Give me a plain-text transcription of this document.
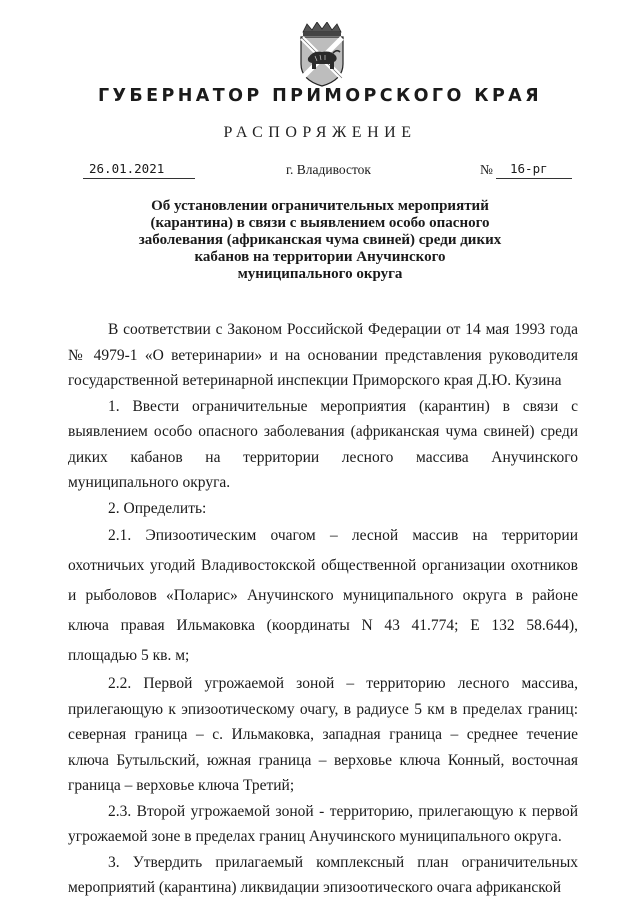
ГУБЕРНАТОР ПРИМОРСКОГО КРАЯ
РАСПОРЯЖЕНИЕ
26.01.2021	г. Владивосток	№	16-рг
Об установлении ограничительных мероприятий
(карантина) в связи с выявлением особо опасного
заболевания (африканская чума свиней) среди диких
кабанов на территории Анучинского
муниципального округа

В соответствии с Законом Российской Федерации от 14 мая 1993 года № 4979-1 «О ветеринарии» и на основании представления руководителя государственной ветеринарной инспекции Приморского края Д.Ю. Кузина

1. Ввести ограничительные мероприятия (карантин) в связи с выявлением особо опасного заболевания (африканская чума свиней) среди диких кабанов на территории лесного массива Анучинского муниципального округа.

2. Определить:

2.1. Эпизоотическим очагом – лесной массив на территории охотничьих угодий Владивостокской общественной организации охотников и рыболовов «Поларис» Анучинского муниципального округа в районе ключа правая Ильмаковка (координаты N 43 41.774; E 132 58.644), площадью 5 кв. м;

2.2. Первой угрожаемой зоной – территорию лесного массива, прилегающую к эпизоотическому очагу, в радиусе 5 км в пределах границ: северная граница – с. Ильмаковка, западная граница – среднее течение ключа Бутыльский, южная граница – верховье ключа Конный, восточная граница – верховье ключа Третий;

2.3. Второй угрожаемой зоной - территорию, прилегающую к первой угрожаемой зоне в пределах границ Анучинского муниципального округа.

3. Утвердить прилагаемый комплексный план ограничительных мероприятий (карантина) ликвидации эпизоотического очага африканской
